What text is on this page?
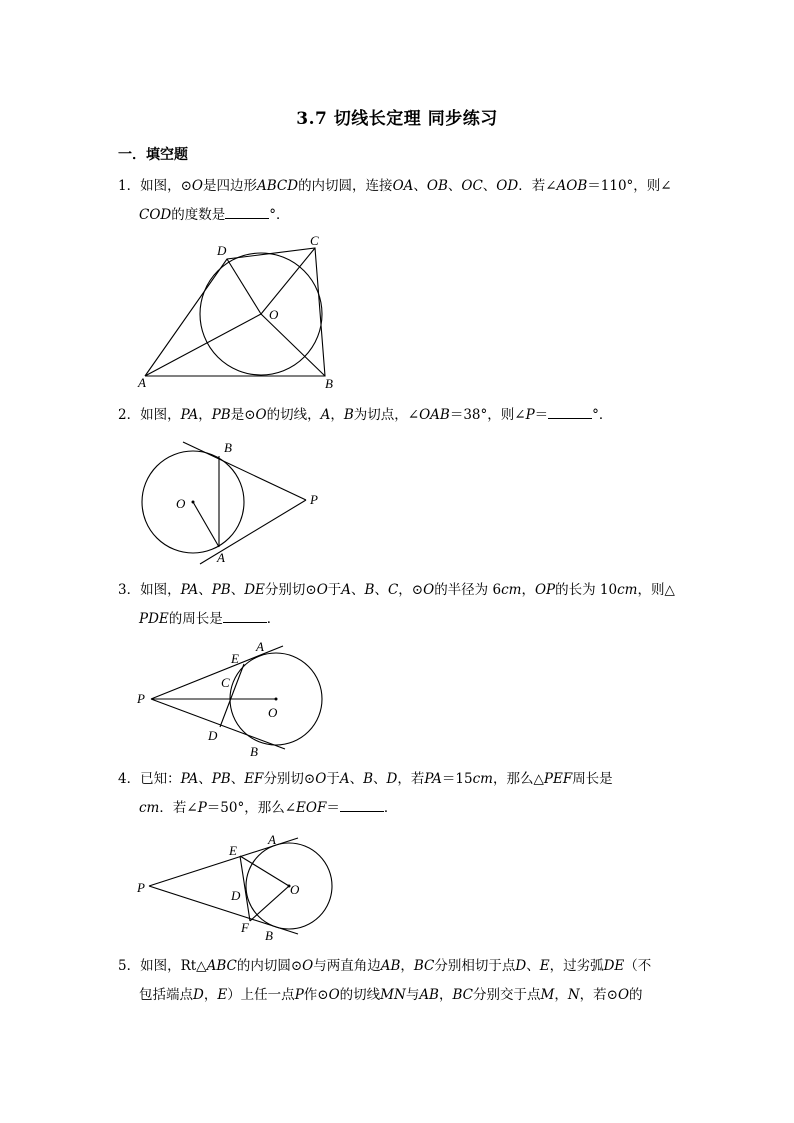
3.7 切线长定理 同步练习
一．填空题
1．如图，⊙O是四边形ABCD的内切圆，连接OA、OB、OC、OD．若∠AOB＝110°，则∠
COD的度数是	°．
D
C
O
A	B
2．如图，PA，PB是⊙O的切线，A，B为切点，∠OAB＝38°，则∠P＝	°．
B
O	P
A
3．如图，PA、PB、DE分别切⊙O于A、B、C，⊙O的半径为 6cm，OP的长为 10cm，则△
PDE的周长是	．
E
A
C
P
O
D
B
4．已知：PA、PB、EF分别切⊙O于A、B、D，若PA＝15cm，那么△PEF周长是
cm．若∠P＝50°，那么∠EOF＝	．
A
E
P
D	O
F
B
5．如图，Rt△ABC的内切圆⊙O与两直角边AB，BC分别相切于点D、E，过劣弧DE（不
包括端点D，E）上任一点P作⊙O的切线MN与AB，BC分别交于点M，N，若⊙O的
